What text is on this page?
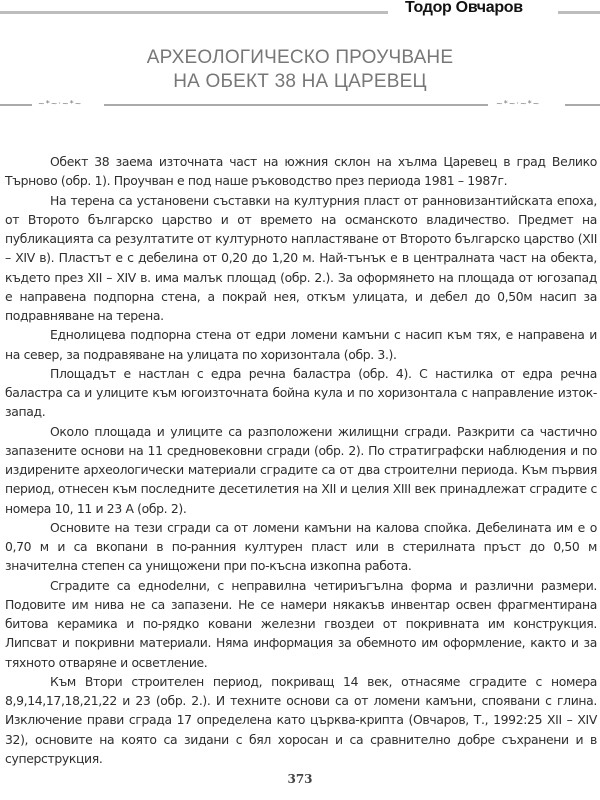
Тодор Овчаров
АРХЕОЛОГИЧЕСКО ПРОУЧВАНЕ
НА ОБЕКТ 38 НА ЦАРЕВЕЦ
~*~·~*~	~*~·~*~

Обект 38 заема източната част на южния склон на хълма Царевец в град Велико Търново (обр. 1). Проучван е под наше ръководство през периода 1981 – 1987г.

На терена са установени съставки на културния пласт от ранновизантийската епоха, от Второто българско царство и от времето на османското владичество. Предмет на публикацията са резултатите от културното напластяване от Второто българско царство (XII – XIV в). Пластът е с дебелина от 0,20 до 1,20 м. Най-тънък е в централната част на обекта, където през XII – XIV в. има малък площад (обр. 2.). За оформянето на площада от югозапад е направена подпорна стена, а покрай нея, откъм улицата, и дебел до 0,50м насип за подравняване на терена.

Еднолицева подпорна стена от едри ломени камъни с насип към тях, е направена и на север, за подравяване на улицата по хоризонтала (обр. 3.).

Площадът е настлан с едра речна баластра (обр. 4). С настилка от едра речна баластра са и улиците към югоизточната бойна кула и по хоризонтала с направление изток-запад.

Около площада и улиците са разположени жилищни сгради. Разкрити са частично запазените основи на 11 средновековни сгради (обр. 2). По стратиграфски наблюдения и по издирените археологически материали сградите са от два строителни периода. Към първия период, отнесен към последните десетилетия на XII и целия XIII век принадлежат сградите с номера 10, 11 и 23 А (обр. 2).

Основите на тези сгради са от ломени камъни на калова спойка. Дебелината им е о 0,70 м и са вкопани в по-ранния културен пласт или в стерилната пръст до 0,50 м значителна степен са унищожени при по-късна изкопна работа.

Сградите са еднodелни, с неправилна четириъгълна форма и различни размери. Подовите им нива не са запазени. Не се намери някакъв инвентар освен фрагментирана битова керамика и по-рядко ковани железни гвоздеи от покривната им конструкция. Липсват и покривни материали. Няма информация за обемното им оформление, както и за тяхното отваряне и осветление.

Към Втори строителен период, покриващ 14 век, отнасяме сградите с номера 8,9,14,17,18,21,22 и 23 (обр. 2.). И техните основи са от ломени камъни, споявани с глина. Изключение прави сграда 17 определена като църква-крипта (Овчаров, Т., 1992:25 XII – XIV 32), основите на която са зидани с бял хоросан и са сравнително добре съхранени и в суперструкция.

373
